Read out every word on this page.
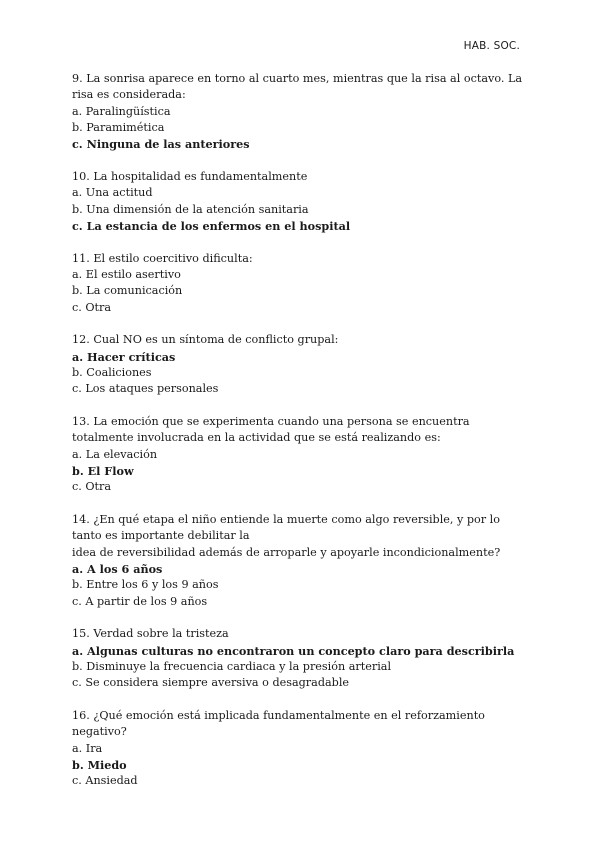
HAB. SOC.
9. La sonrisa aparece en torno al cuarto mes, mientras que la risa al octavo. La risa es considerada:
a. Paralingüística
b. Paramimética
c. Ninguna de las anteriores
10. La hospitalidad es fundamentalmente
a. Una actitud
b. Una dimensión de la atención sanitaria
c. La estancia de los enfermos en el hospital
11. El estilo coercitivo dificulta:
a. El estilo asertivo
b. La comunicación
c. Otra
12. Cual NO es un síntoma de conflicto grupal:
a. Hacer críticas
b. Coaliciones
c. Los ataques personales
13. La emoción que se experimenta cuando una persona se encuentra totalmente involucrada en la actividad que se está realizando es:
a. La elevación
b. El Flow
c. Otra
14. ¿En qué etapa el niño entiende la muerte como algo reversible, y por lo tanto es importante debilitar la
idea de reversibilidad además de arroparle y apoyarle incondicionalmente?
a. A los 6 años
b. Entre los 6 y los 9 años
c. A partir de los 9 años
15. Verdad sobre la tristeza
a. Algunas culturas no encontraron un concepto claro para describirla
b. Disminuye la frecuencia cardiaca y la presión arterial
c. Se considera siempre aversiva o desagradable
16. ¿Qué emoción está implicada fundamentalmente en el reforzamiento negativo?
a. Ira
b. Miedo
c. Ansiedad
